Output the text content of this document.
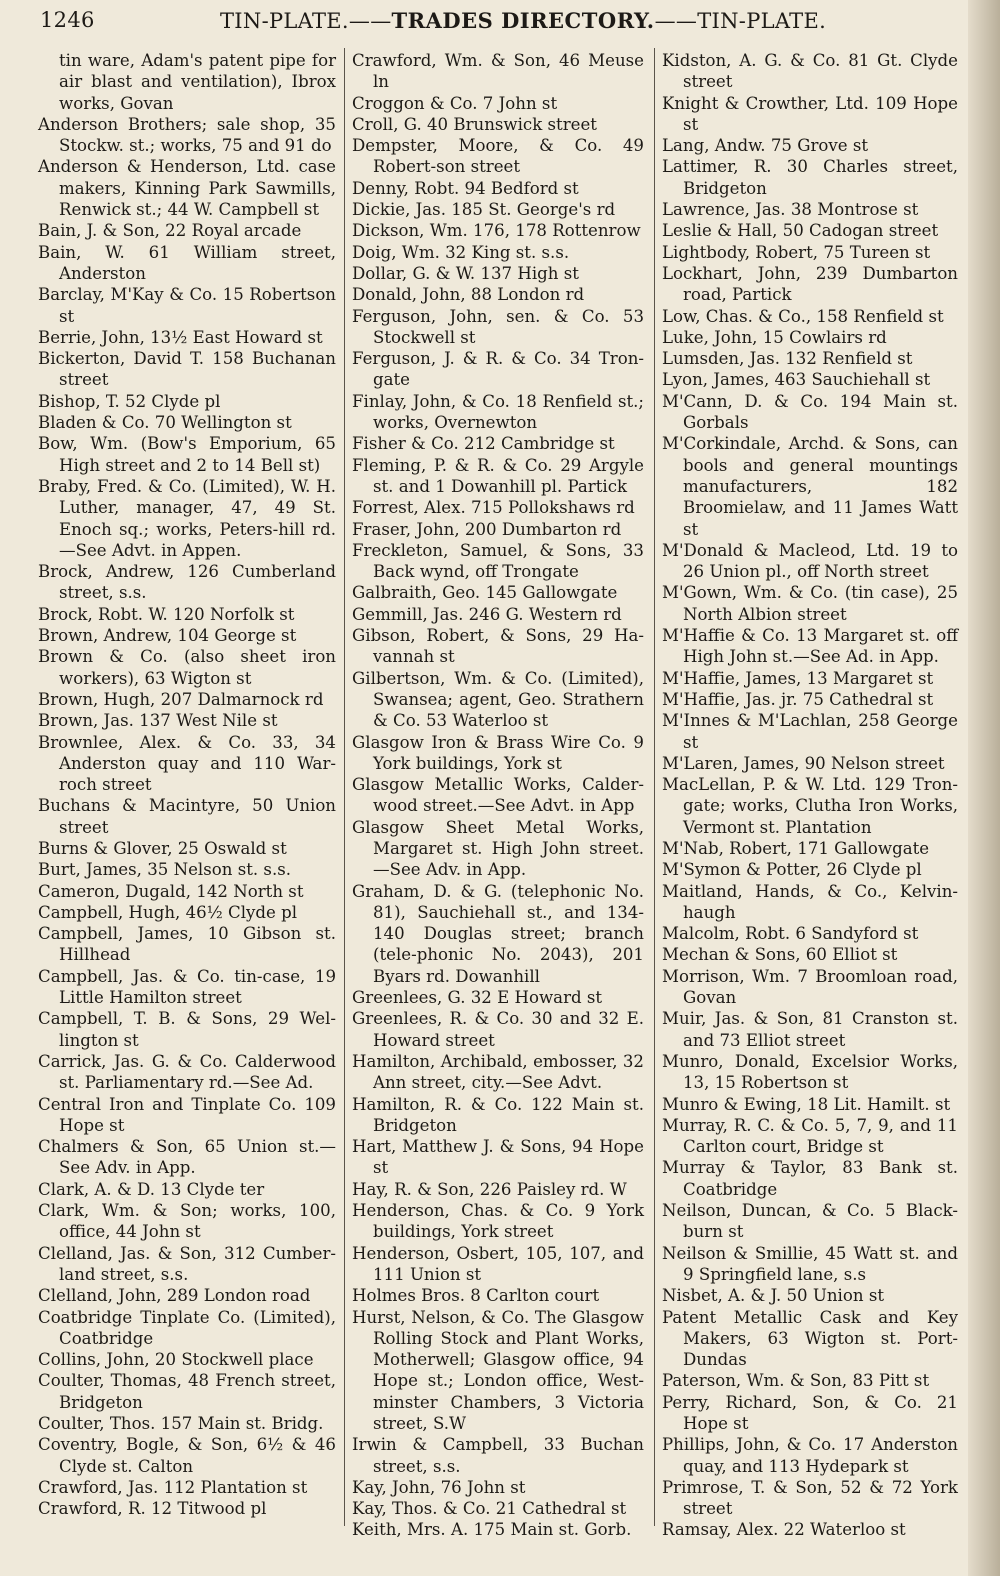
1246	TIN-PLATE.——TRADES DIRECTORY.——TIN-PLATE.

tin ware, Adam's patent pipe for air blast and ventilation), Ibrox works, Govan

Anderson Brothers; sale shop, 35 Stockw. st.; works, 75 and 91 do

Anderson & Henderson, Ltd. case makers, Kinning Park Sawmills, Renwick st.; 44 W. Campbell st

Bain, J. & Son, 22 Royal arcade

Bain, W. 61 William street, Anderston

Barclay, M'Kay & Co. 15 Robertson st

Berrie, John, 13½ East Howard st

Bickerton, David T. 158 Buchanan street

Bishop, T. 52 Clyde pl

Bladen & Co. 70 Wellington st

Bow, Wm. (Bow's Emporium, 65 High street and 2 to 14 Bell st)

Braby, Fred. & Co. (Limited), W. H. Luther, manager, 47, 49 St. Enoch sq.; works, Peters-hill rd.—See Advt. in Appen.

Brock, Andrew, 126 Cumberland street, s.s.

Brock, Robt. W. 120 Norfolk st

Brown, Andrew, 104 George st

Brown & Co. (also sheet iron workers), 63 Wigton st

Brown, Hugh, 207 Dalmarnock rd

Brown, Jas. 137 West Nile st

Brownlee, Alex. & Co. 33, 34 Anderston quay and 110 War-roch street

Buchans & Macintyre, 50 Union street

Burns & Glover, 25 Oswald st

Burt, James, 35 Nelson st. s.s.

Cameron, Dugald, 142 North st

Campbell, Hugh, 46½ Clyde pl

Campbell, James, 10 Gibson st. Hillhead

Campbell, Jas. & Co. tin-case, 19 Little Hamilton street

Campbell, T. B. & Sons, 29 Wel-lington st

Carrick, Jas. G. & Co. Calderwood st. Parliamentary rd.—See Ad.

Central Iron and Tinplate Co. 109 Hope st

Chalmers & Son, 65 Union st.— See Adv. in App.

Clark, A. & D. 13 Clyde ter

Clark, Wm. & Son; works, 100, office, 44 John st

Clelland, Jas. & Son, 312 Cumber-land street, s.s.

Clelland, John, 289 London road

Coatbridge Tinplate Co. (Limited), Coatbridge

Collins, John, 20 Stockwell place

Coulter, Thomas, 48 French street, Bridgeton

Coulter, Thos. 157 Main st. Bridg.

Coventry, Bogle, & Son, 6½ & 46 Clyde st. Calton

Crawford, Jas. 112 Plantation st

Crawford, R. 12 Titwood pl

Crawford, Wm. & Son, 46 Meuse ln

Croggon & Co. 7 John st

Croll, G. 40 Brunswick street

Dempster, Moore, & Co. 49 Robert-son street

Denny, Robt. 94 Bedford st

Dickie, Jas. 185 St. George's rd

Dickson, Wm. 176, 178 Rottenrow

Doig, Wm. 32 King st. s.s.

Dollar, G. & W. 137 High st

Donald, John, 88 London rd

Ferguson, John, sen. & Co. 53 Stockwell st

Ferguson, J. & R. & Co. 34 Tron-gate

Finlay, John, & Co. 18 Renfield st.; works, Overnewton

Fisher & Co. 212 Cambridge st

Fleming, P. & R. & Co. 29 Argyle st. and 1 Dowanhill pl. Partick

Forrest, Alex. 715 Pollokshaws rd

Fraser, John, 200 Dumbarton rd

Freckleton, Samuel, & Sons, 33 Back wynd, off Trongate

Galbraith, Geo. 145 Gallowgate

Gemmill, Jas. 246 G. Western rd

Gibson, Robert, & Sons, 29 Ha-vannah st

Gilbertson, Wm. & Co. (Limited), Swansea; agent, Geo. Strathern & Co. 53 Waterloo st

Glasgow Iron & Brass Wire Co. 9 York buildings, York st

Glasgow Metallic Works, Calder-wood street.—See Advt. in App

Glasgow Sheet Metal Works, Margaret st. High John street. —See Adv. in App.

Graham, D. & G. (telephonic No. 81), Sauchiehall st., and 134-140 Douglas street; branch (tele-phonic No. 2043), 201 Byars rd. Dowanhill

Greenlees, G. 32 E Howard st

Greenlees, R. & Co. 30 and 32 E. Howard street

Hamilton, Archibald, embosser, 32 Ann street, city.—See Advt.

Hamilton, R. & Co. 122 Main st. Bridgeton

Hart, Matthew J. & Sons, 94 Hope st

Hay, R. & Son, 226 Paisley rd. W

Henderson, Chas. & Co. 9 York buildings, York street

Henderson, Osbert, 105, 107, and 111 Union st

Holmes Bros. 8 Carlton court

Hurst, Nelson, & Co. The Glasgow Rolling Stock and Plant Works, Motherwell; Glasgow office, 94 Hope st.; London office, West-minster Chambers, 3 Victoria street, S.W

Irwin & Campbell, 33 Buchan street, s.s.

Kay, John, 76 John st

Kay, Thos. & Co. 21 Cathedral st

Keith, Mrs. A. 175 Main st. Gorb.

Kidston, A. G. & Co. 81 Gt. Clyde street

Knight & Crowther, Ltd. 109 Hope st

Lang, Andw. 75 Grove st

Lattimer, R. 30 Charles street, Bridgeton

Lawrence, Jas. 38 Montrose st

Leslie & Hall, 50 Cadogan street

Lightbody, Robert, 75 Tureen st

Lockhart, John, 239 Dumbarton road, Partick

Low, Chas. & Co., 158 Renfield st

Luke, John, 15 Cowlairs rd

Lumsden, Jas. 132 Renfield st

Lyon, James, 463 Sauchiehall st

M'Cann, D. & Co. 194 Main st. Gorbals

M'Corkindale, Archd. & Sons, can bools and general mountings manufacturers, 182 Broomielaw, and 11 James Watt st

M'Donald & Macleod, Ltd. 19 to 26 Union pl., off North street

M'Gown, Wm. & Co. (tin case), 25 North Albion street

M'Haffie & Co. 13 Margaret st. off High John st.—See Ad. in App.

M'Haffie, James, 13 Margaret st

M'Haffie, Jas. jr. 75 Cathedral st

M'Innes & M'Lachlan, 258 George st

M'Laren, James, 90 Nelson street

MacLellan, P. & W. Ltd. 129 Tron-gate; works, Clutha Iron Works, Vermont st. Plantation

M'Nab, Robert, 171 Gallowgate

M'Symon & Potter, 26 Clyde pl

Maitland, Hands, & Co., Kelvin-haugh

Malcolm, Robt. 6 Sandyford st

Mechan & Sons, 60 Elliot st

Morrison, Wm. 7 Broomloan road, Govan

Muir, Jas. & Son, 81 Cranston st. and 73 Elliot street

Munro, Donald, Excelsior Works, 13, 15 Robertson st

Munro & Ewing, 18 Lit. Hamilt. st

Murray, R. C. & Co. 5, 7, 9, and 11 Carlton court, Bridge st

Murray & Taylor, 83 Bank st. Coatbridge

Neilson, Duncan, & Co. 5 Black-burn st

Neilson & Smillie, 45 Watt st. and 9 Springfield lane, s.s

Nisbet, A. & J. 50 Union st

Patent Metallic Cask and Key Makers, 63 Wigton st. Port-Dundas

Paterson, Wm. & Son, 83 Pitt st

Perry, Richard, Son, & Co. 21 Hope st

Phillips, John, & Co. 17 Anderston quay, and 113 Hydepark st

Primrose, T. & Son, 52 & 72 York street

Ramsay, Alex. 22 Waterloo st
